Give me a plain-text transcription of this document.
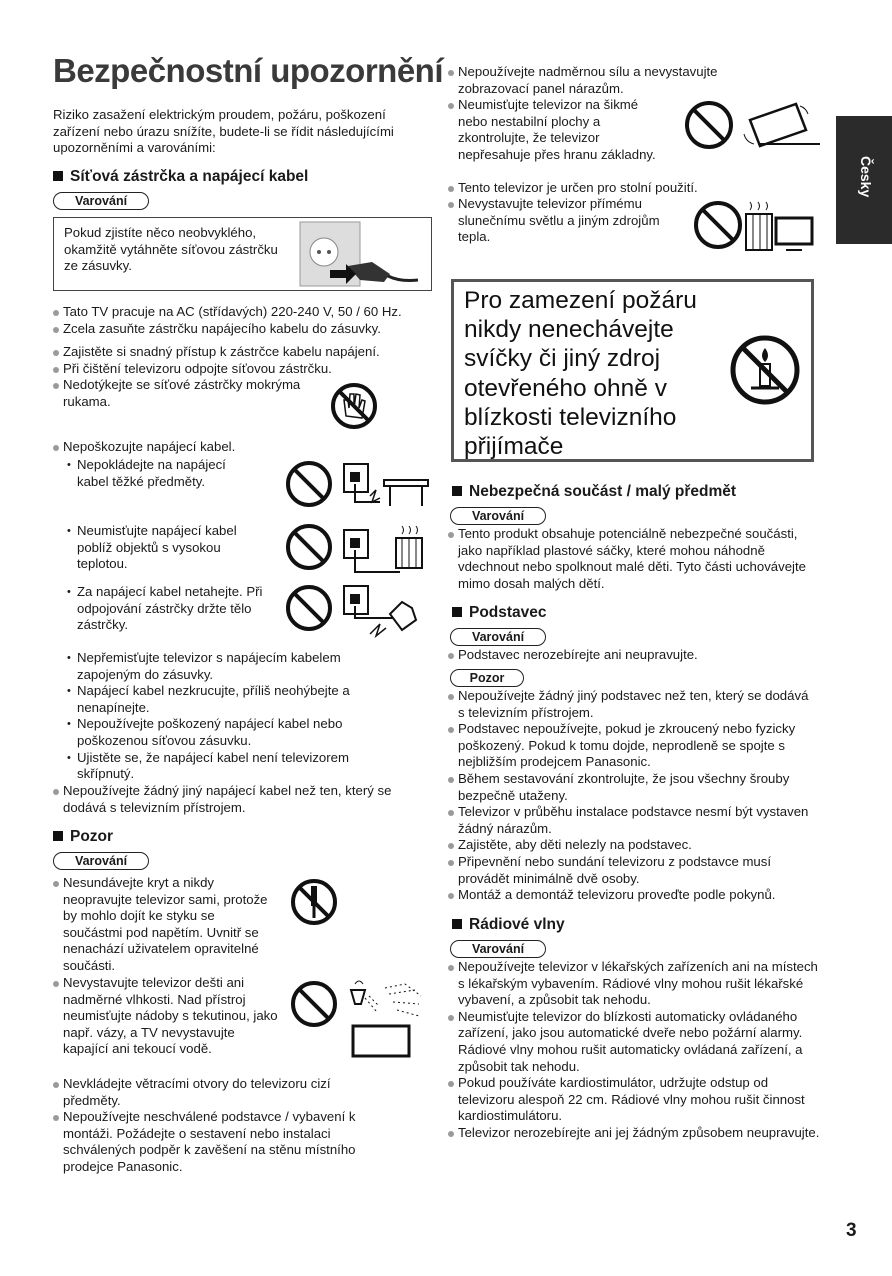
Bezpečnostní upozornění
Riziko zasažení elektrickým proudem, požáru, poškození zařízení nebo úrazu snížíte, budete-li se řídit následujícími upozorněními a varováními:
Česky
Síťová zástrčka a napájecí kabel
Varování
Pokud zjistíte něco neobvyklého, okamžitě vytáhněte síťovou zástrčku ze zásuvky.
Tato TV pracuje na AC (střídavých) 220-240 V, 50 / 60 Hz.
Zcela zasuňte zástrčku napájecího kabelu do zásuvky.
Zajistěte si snadný přístup k zástrčce kabelu napájení.
Při čištění televizoru odpojte síťovou zástrčku.
Nedotýkejte se síťové zástrčky mokrýma rukama.
Nepoškozujte napájecí kabel.
• Nepokládejte na napájecí kabel těžké předměty.
• Neumisťujte napájecí kabel poblíž objektů s vysokou teplotou.
• Za napájecí kabel netahejte. Při odpojování zástrčky držte tělo zástrčky.
• Nepřemisťujte televizor s napájecím kabelem zapojeným do zásuvky.
• Napájecí kabel nezkrucujte, příliš neohýbejte a nenapínejte.
• Nepoužívejte poškozený napájecí kabel nebo poškozenou síťovou zásuvku.
• Ujistěte se, že napájecí kabel není televizorem skřípnutý.
Nepoužívejte žádný jiný napájecí kabel než ten, který se dodává s televizním přístrojem.
Pozor
Varování
Nesundávejte kryt a nikdy neopravujte televizor sami, protože by mohlo dojít ke styku se součástmi pod napětím. Uvnitř se nenachází uživatelem opravitelné součásti.
Nevystavujte televizor dešti ani nadměrné vlhkosti. Nad přístroj neumisťujte nádoby s tekutinou, jako např. vázy, a TV nevystavujte kapající ani tekoucí vodě.
Nevkládejte větracími otvory do televizoru cizí předměty.
Nepoužívejte neschválené podstavce / vybavení k montáži. Požádejte o sestavení nebo instalaci schválených podpěr k zavěšení na stěnu místního prodejce Panasonic.
Nepoužívejte nadměrnou sílu a nevystavujte zobrazovací panel nárazům.
Neumisťujte televizor na šikmé nebo nestabilní plochy a zkontrolujte, že televizor nepřesahuje přes hranu základny.
Tento televizor je určen pro stolní použití.
Nevystavujte televizor přímému slunečnímu světlu a jiným zdrojům tepla.
Pro zamezení požáru
nikdy nenechávejte
svíčky či jiný zdroj
otevřeného ohně v
blízkosti televizního
přijímače
Nebezpečná součást / malý předmět
Varování
Tento produkt obsahuje potenciálně nebezpečné součásti, jako například plastové sáčky, které mohou náhodně vdechnout nebo spolknout malé děti. Tyto části uchovávejte mimo dosah malých dětí.
Podstavec
Varování
Podstavec nerozebírejte ani neupravujte.
Pozor
Nepoužívejte žádný jiný podstavec než ten, který se dodává s televizním přístrojem.
Podstavec nepoužívejte, pokud je zkroucený nebo fyzicky poškozený. Pokud k tomu dojde, neprodleně se spojte s nejbližším prodejcem Panasonic.
Během sestavování zkontrolujte, že jsou všechny šrouby bezpečně utaženy.
Televizor v průběhu instalace podstavce nesmí být vystaven žádný nárazům.
Zajistěte, aby děti nelezly na podstavec.
Připevnění nebo sundání televizoru z podstavce musí provádět minimálně dvě osoby.
Montáž a demontáž televizoru proveďte podle pokynů.
Rádiové vlny
Varování
Nepoužívejte televizor v lékařských zařízeních ani na místech s lékařským vybavením. Rádiové vlny mohou rušit lékařské vybavení, a způsobit tak nehodu.
Neumisťujte televizor do blízkosti automaticky ovládaného zařízení, jako jsou automatické dveře nebo požární alarmy. Rádiové vlny mohou rušit automaticky ovládaná zařízení, a způsobit tak nehodu.
Pokud používáte kardiostimulátor, udržujte odstup od televizoru alespoň 22 cm. Rádiové vlny mohou rušit činnost kardiostimulátoru.
Televizor nerozebírejte ani jej žádným způsobem neupravujte.
3
